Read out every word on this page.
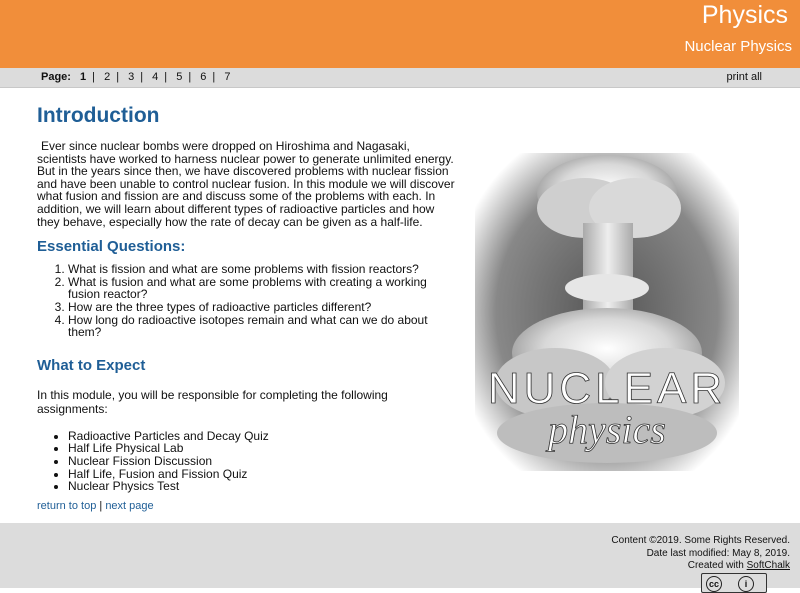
Physics
Nuclear Physics
Page: 1 | 2 | 3 | 4 | 5 | 6 | 7	print all
Introduction

Ever since nuclear bombs were dropped on Hiroshima and Nagasaki, scientists have worked to harness nuclear power to generate unlimited energy. But in the years since then, we have discovered problems with nuclear fission and have been unable to control nuclear fusion. In this module we will discover what fusion and fission are and discuss some of the problems with each. In addition, we will learn about different types of radioactive particles and how they behave, especially how the rate of decay can be given as a half-life.

Essential Questions:
1. What is fission and what are some problems with fission reactors?
2. What is fusion and what are some problems with creating a working fusion reactor?
3. How are the three types of radioactive particles different?
4. How long do radioactive isotopes remain and what can we do about them?
What to Expect

In this module, you will be responsible for completing the following assignments:

• Radioactive Particles and Decay Quiz
• Half Life Physical Lab
• Nuclear Fission Discussion
• Half Life, Fusion and Fission Quiz
• Nuclear Physics Test
NUCLEAR
physics
return to top | next page
Content ©2019. Some Rights Reserved.
Date last modified: May 8, 2019.
Created with SoftChalk
cc	i
